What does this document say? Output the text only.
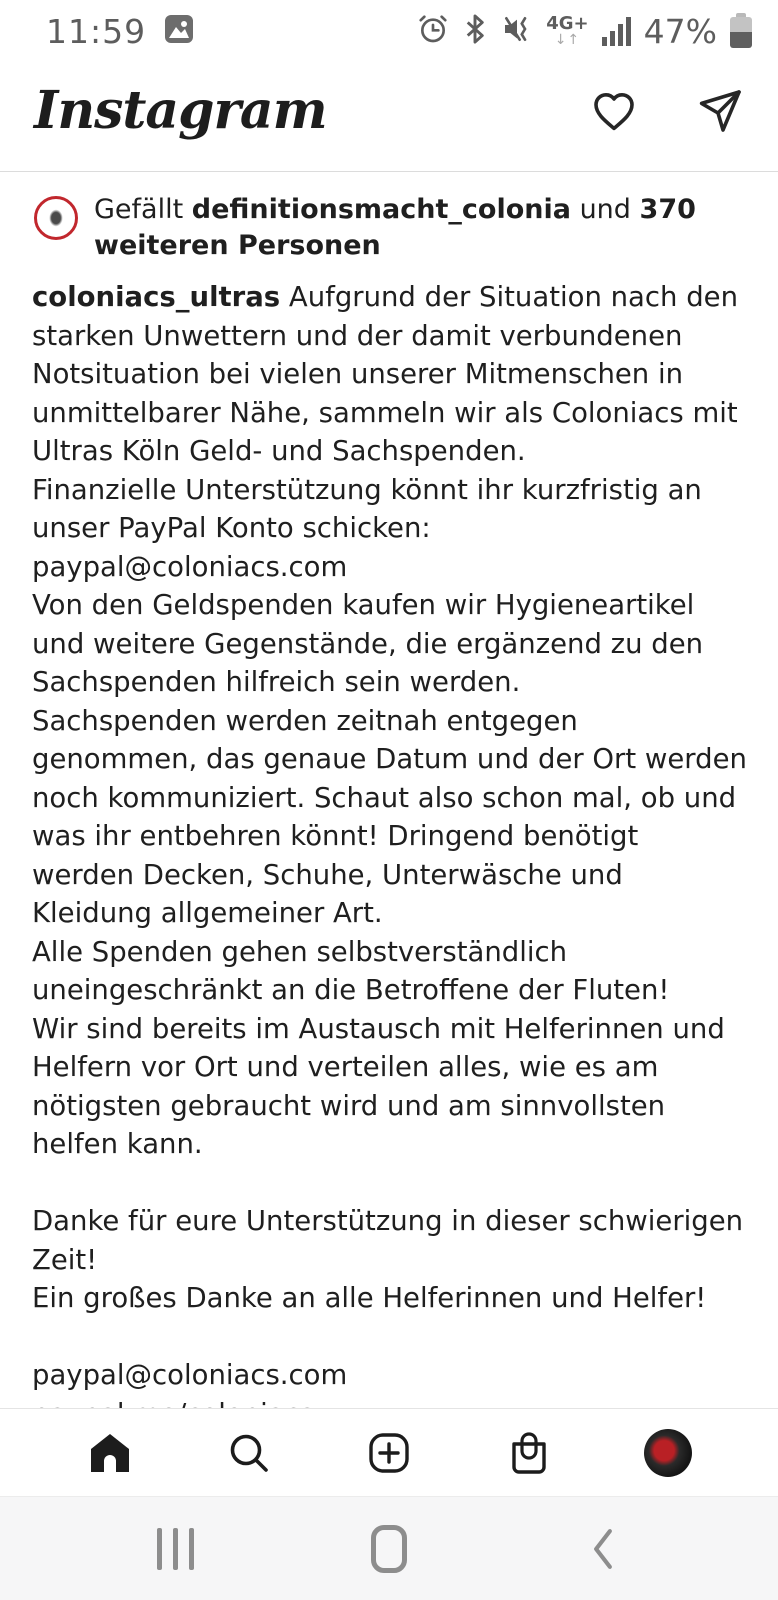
11:59	4G+
↓↑ 47%
Instagram
Gefällt definitionsmacht_colonia und 370 weiteren Personen
coloniacs_ultras Aufgrund der Situation nach den starken Unwettern und der damit verbundenen Notsituation bei vielen unserer Mitmenschen in unmittelbarer Nähe, sammeln wir als Coloniacs mit Ultras Köln Geld- und Sachspenden.
Finanzielle Unterstützung könnt ihr kurzfristig an unser PayPal Konto schicken: paypal@coloniacs.com
Von den Geldspenden kaufen wir Hygieneartikel und weitere Gegenstände, die ergänzend zu den Sachspenden hilfreich sein werden.
Sachspenden werden zeitnah entgegen genommen, das genaue Datum und der Ort werden noch kommuniziert. Schaut also schon mal, ob und was ihr entbehren könnt! Dringend benötigt werden Decken, Schuhe, Unterwäsche und Kleidung allgemeiner Art.
Alle Spenden gehen selbstverständlich uneingeschränkt an die Betroffene der Fluten!
Wir sind bereits im Austausch mit Helferinnen und Helfern vor Ort und verteilen alles, wie es am nötigsten gebraucht wird und am sinnvollsten helfen kann.
Danke für eure Unterstützung in dieser schwierigen Zeit!
Ein großes Danke an alle Helferinnen und Helfer!
paypal@coloniacs.com
